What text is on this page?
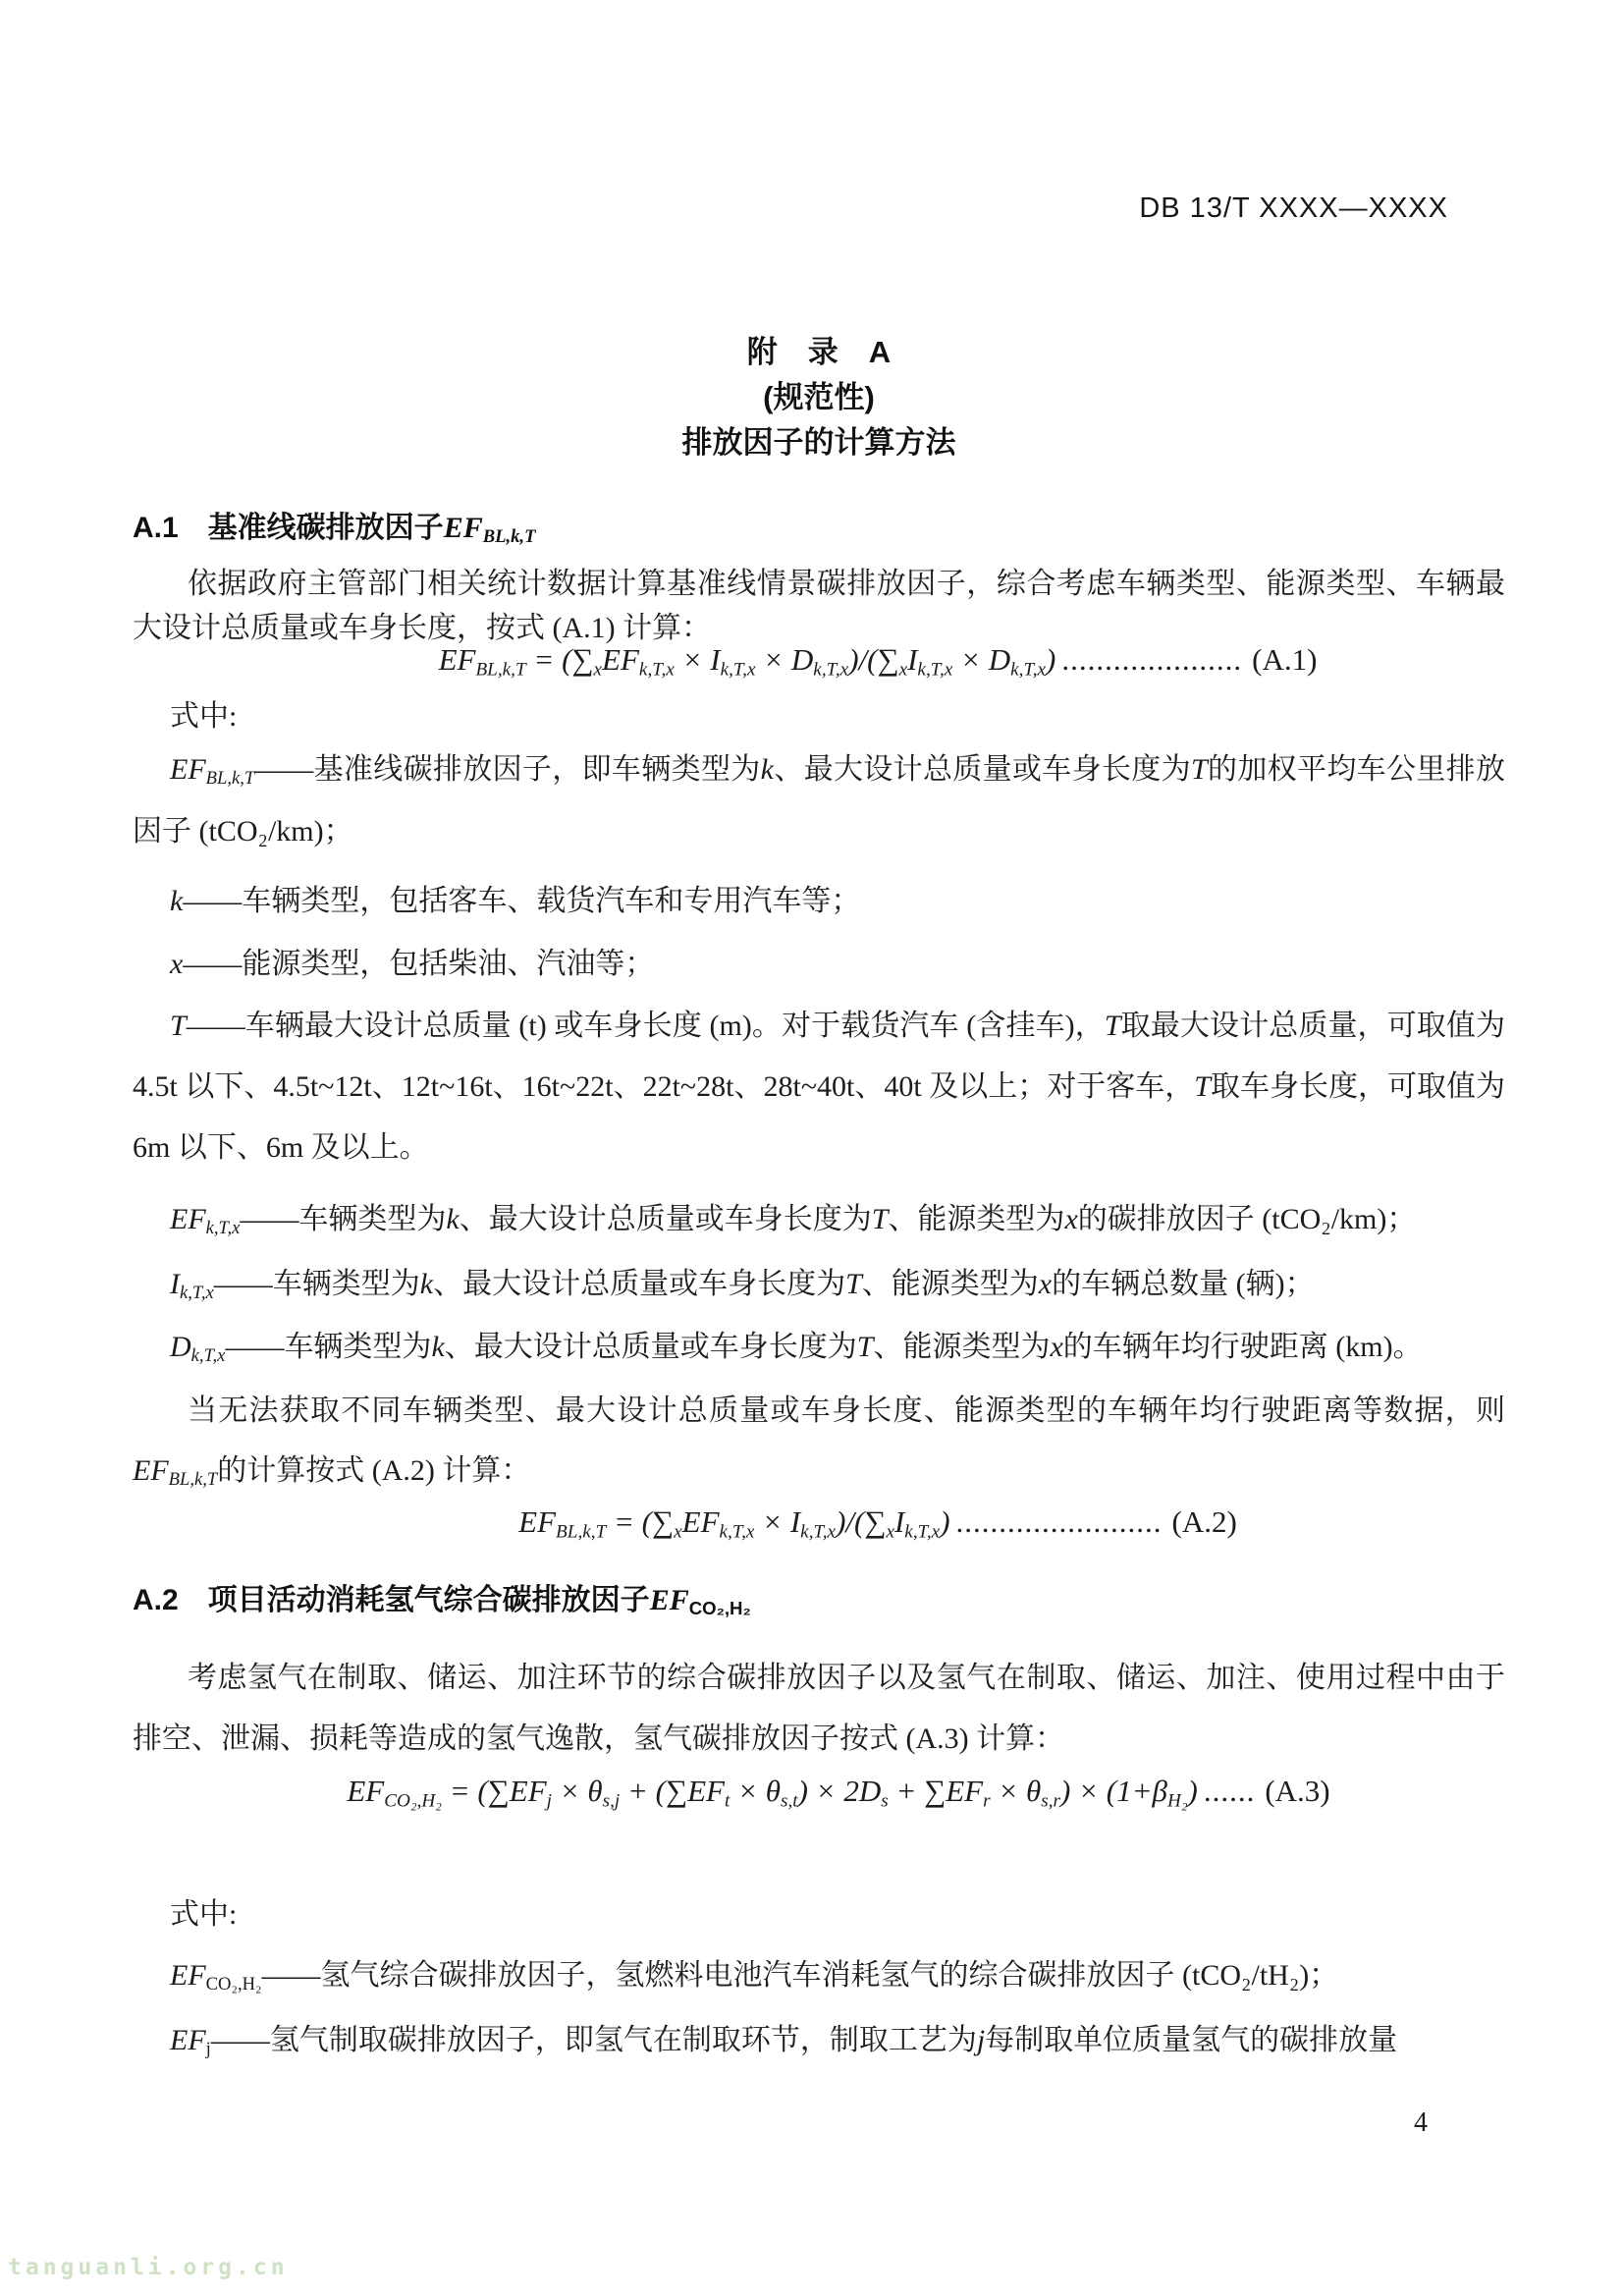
DB 13/T XXXX—XXXX

附　录　A

(规范性)

排放因子的计算方法

A.1　基准线碳排放因子$EF_{BL,k,T}$

依据政府主管部门相关统计数据计算基准线情景碳排放因子，综合考虑车辆类型、能源类型、车辆最大设计总质量或车身长度，按式 (A.1) 计算：

$EF_{BL,k,T} = (\sum_xEF_{k,T,x} \times I_{k,T,x} \times D_{k,T,x})/(\sum_xI_{k,T,x} \times D_{k,T,x})$ ..................... (A.1)

式中:

$EF_{BL,k,T}——$基准线碳排放因子，即车辆类型为k、最大设计总质量或车身长度为T的加权平均车公里排放因子 (tCO₂/km)；

k——车辆类型，包括客车、载货汽车和专用汽车等；

x——能源类型，包括柴油、汽油等；

T——车辆最大设计总质量 (t) 或车身长度 (m)。对于载货汽车 (含挂车)，T取最大设计总质量，可取值为 4.5t 以下、4.5t~12t、12t~16t、16t~22t、22t~28t、28t~40t、40t 及以上；对于客车，T取车身长度，可取值为 6m 以下、6m 及以上。

$EF_{k,T,x}——$车辆类型为k、最大设计总质量或车身长度为T、能源类型为x的碳排放因子 (tCO₂/km)；

$I_{k,T,x}——$车辆类型为k、最大设计总质量或车身长度为T、能源类型为x的车辆总数量 (辆)；

$D_{k,T,x}——$车辆类型为k、最大设计总质量或车身长度为T、能源类型为x的车辆年均行驶距离 (km)。

当无法获取不同车辆类型、最大设计总质量或车身长度、能源类型的车辆年均行驶距离等数据，则$EF_{BL,k,T}$的计算按式 (A.2) 计算：

$EF_{BL,k,T} = (\sum_xEF_{k,T,x} \times I_{k,T,x})/(\sum_xI_{k,T,x})$ ........................ (A.2)
A.2　项目活动消耗氢气综合碳排放因子$EF_{CO_2,H_2}$

考虑氢气在制取、储运、加注环节的综合碳排放因子以及氢气在制取、储运、加注、使用过程中由于排空、泄漏、损耗等造成的氢气逸散，氢气碳排放因子按式 (A.3) 计算：

$EF_{CO_2,H_2} = (\sum EF_j \times \theta_{s,j} + (\sum EF_t \times \theta_{s,t}) \times 2D_s + \sum EF_r \times \theta_{s,r}) \times (1+\beta_{H_2})$ ...... (A.3)

式中:

$EF_{CO_2,H_2}——$氢气综合碳排放因子，氢燃料电池汽车消耗氢气的综合碳排放因子 (tCO₂/tH₂)；

$EF_j——$氢气制取碳排放因子，即氢气在制取环节，制取工艺为j每制取单位质量氢气的碳排放量

4
tanguanli.org.cn
